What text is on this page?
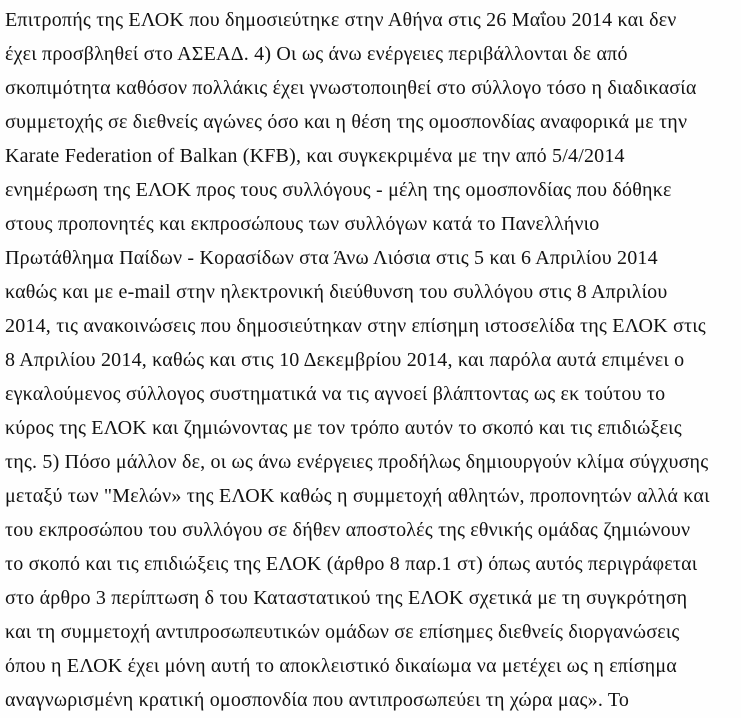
Επιτροπής της ΕΛΟΚ που δημοσιεύτηκε στην Αθήνα στις 26 Μαΐου 2014 και δεν
έχει προσβληθεί στο ΑΣΕΑΔ. 4) Οι ως άνω ενέργειες περιβάλλονται δε από
σκοπιμότητα καθόσον πολλάκις έχει γνωστοποιηθεί στο σύλλογο τόσο η διαδικασία
συμμετοχής σε διεθνείς αγώνες όσο και η θέση της ομοσπονδίας αναφορικά με την
Karate Federation of Balkan (KFB), και συγκεκριμένα με την από 5/4/2014
ενημέρωση της ΕΛΟΚ προς τους συλλόγους - μέλη της ομοσπονδίας που δόθηκε
στους προπονητές και εκπροσώπους των συλλόγων κατά το Πανελλήνιο
Πρωτάθλημα Παίδων - Κορασίδων στα Άνω Λιόσια στις 5 και 6 Απριλίου 2014
καθώς και με e-mail στην ηλεκτρονική διεύθυνση του συλλόγου στις 8 Απριλίου
2014, τις ανακοινώσεις που δημοσιεύτηκαν στην επίσημη ιστοσελίδα της ΕΛΟΚ στις
8 Απριλίου 2014, καθώς και στις 10 Δεκεμβρίου 2014, και παρόλα αυτά επιμένει ο
εγκαλούμενος σύλλογος συστηματικά να τις αγνοεί βλάπτοντας ως εκ τούτου το
κύρος της ΕΛΟΚ και ζημιώνοντας με τον τρόπο αυτόν το σκοπό και τις επιδιώξεις
της. 5) Πόσο μάλλον δε, οι ως άνω ενέργειες προδήλως δημιουργούν κλίμα σύγχυσης
μεταξύ των "Μελών» της ΕΛΟΚ καθώς η συμμετοχή αθλητών, προπονητών αλλά και
του εκπροσώπου του συλλόγου σε δήθεν αποστολές της εθνικής ομάδας ζημιώνουν
το σκοπό και τις επιδιώξεις της ΕΛΟΚ (άρθρο 8 παρ.1 στ) όπως αυτός περιγράφεται
στο άρθρο 3 περίπτωση δ του Καταστατικού της ΕΛΟΚ σχετικά με τη συγκρότηση
και τη συμμετοχή αντιπροσωπευτικών ομάδων σε επίσημες διεθνείς διοργανώσεις
όπου η ΕΛΟΚ έχει μόνη αυτή το αποκλειστικό δικαίωμα να μετέχει ως η επίσημα
αναγνωρισμένη κρατική ομοσπονδία που αντιπροσωπεύει τη χώρα μας». Το
